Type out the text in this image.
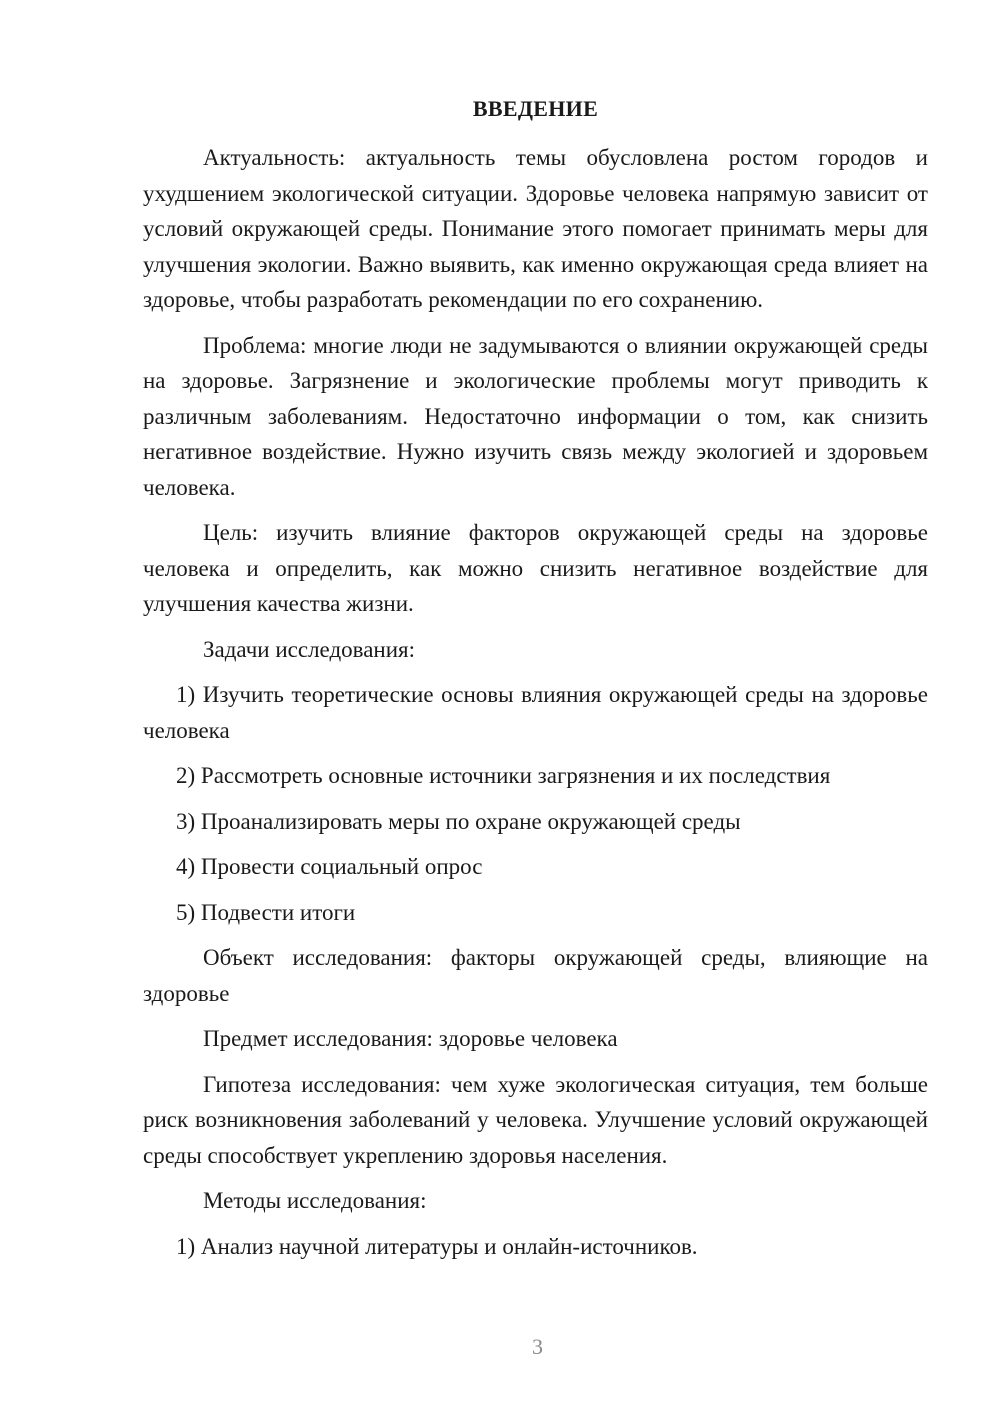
ВВЕДЕНИЕ

Актуальность: актуальность темы обусловлена ростом городов и ухудшением экологической ситуации. Здоровье человека напрямую зависит от условий окружающей среды. Понимание этого помогает принимать меры для улучшения экологии. Важно выявить, как именно окружающая среда влияет на здоровье, чтобы разработать рекомендации по его сохранению.

Проблема: многие люди не задумываются о влиянии окружающей среды на здоровье. Загрязнение и экологические проблемы могут приводить к различным заболеваниям. Недостаточно информации о том, как снизить негативное воздействие. Нужно изучить связь между экологией и здоровьем человека.

Цель: изучить влияние факторов окружающей среды на здоровье человека и определить, как можно снизить негативное воздействие для улучшения качества жизни.

Задачи исследования:

1) Изучить теоретические основы влияния окружающей среды на здоровье человека

2) Рассмотреть основные источники загрязнения и их последствия

3) Проанализировать меры по охране окружающей среды

4) Провести социальный опрос

5) Подвести итоги

Объект исследования: факторы окружающей среды, влияющие на здоровье

Предмет исследования: здоровье человека

Гипотеза исследования: чем хуже экологическая ситуация, тем больше риск возникновения заболеваний у человека. Улучшение условий окружающей среды способствует укреплению здоровья населения.

Методы исследования:

1) Анализ научной литературы и онлайн-источников.

3
